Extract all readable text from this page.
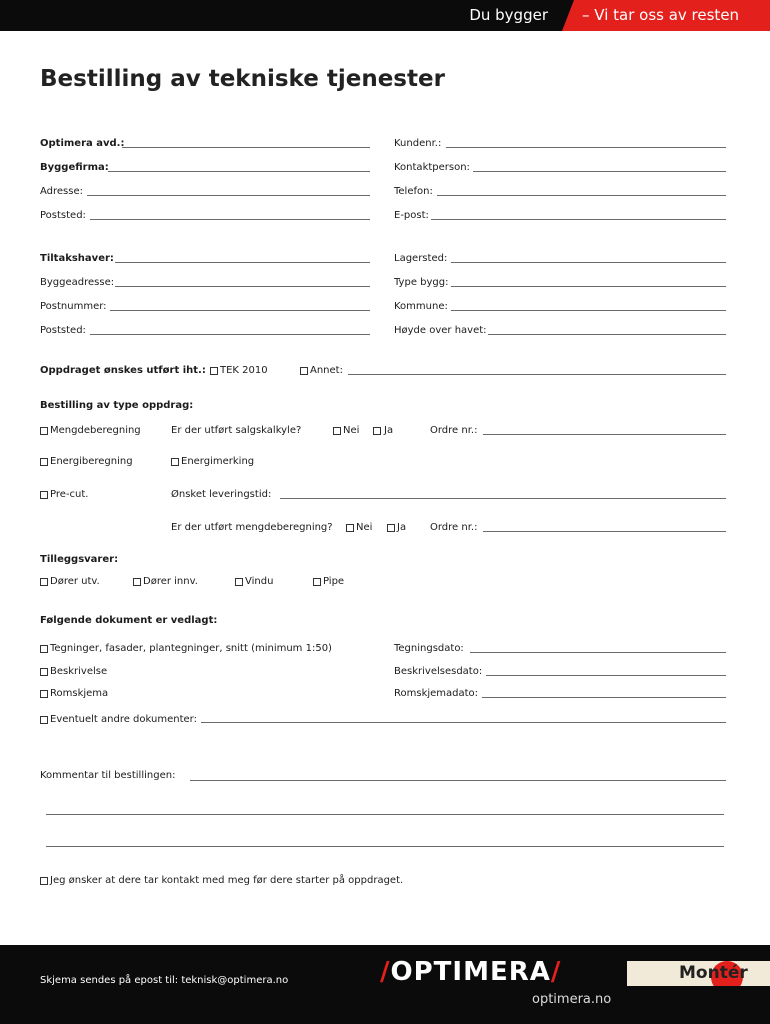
Du bygger – Vi tar oss av resten
Bestilling av tekniske tjenester
Optimera avd.:	Kundenr.:
Byggefirma:	Kontaktperson:
Adresse:	Telefon:
Poststed:	E-post:
Tiltakshaver:	Lagersted:
Byggeadresse:	Type bygg:
Postnummer:	Kommune:
Poststed:	Høyde over havet:
Oppdraget ønskes utført iht.: TEK 2010	Annet:
Bestilling av type oppdrag:
Mengdeberegning	Er der utført salgskalkyle?	Nei Ja	Ordre nr.:
Energiberegning	Energimerking
Pre-cut.	Ønsket leveringstid:
Er der utført mengdeberegning? Nei Ja Ordre nr.:
Tilleggsvarer:
Dører utv.	Dører innv.	Vindu	Pipe
Følgende dokument er vedlagt:
Tegninger, fasader, plantegninger, snitt (minimum 1:50)	Tegningsdato:
Beskrivelse	Beskrivelsesdato:
Romskjema	Romskjemadato:
Eventuelt andre dokumenter:
Kommentar til bestillingen:
Jeg ønsker at dere tar kontakt med meg før dere starter på oppdraget.
Skjema sendes på epost til: teknisk@optimera.no	/OPTIMERA/
optimera.no
Montér
